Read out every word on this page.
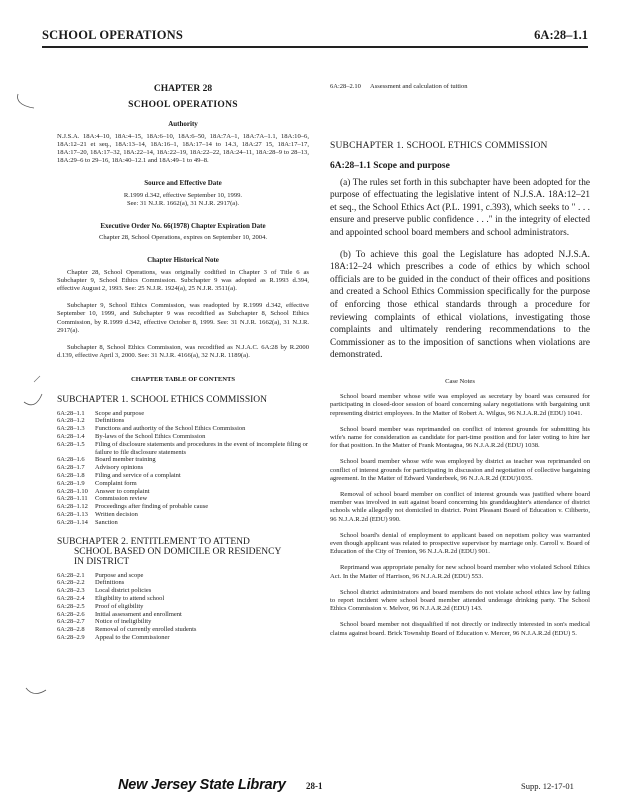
SCHOOL OPERATIONS	6A:28–1.1
CHAPTER 28
SCHOOL OPERATIONS
Authority
N.J.S.A. 18A:4–10, 18A:4–15, 18A:6–10, 18A:6–50, 18A:7A–1, 18A:7A–1.1, 18A:10–6, 18A:12–21 et seq., 18A:13–14, 18A:16–1, 18A:17–14 to 14.3, 18A:27 15, 18A:17–17, 18A:17–20, 18A:17–32, 18A:22–14, 18A:22–19, 18A:22–22, 18A:24–11, 18A:28–9 to 28–13, 18A:29–6 to 29–16, 18A:40–12.1 and 18A:49–1 to 49–8.
Source and Effective Date
R.1999 d.342, effective September 10, 1999.
See: 31 N.J.R. 1662(a), 31 N.J.R. 2917(a).
Executive Order No. 66(1978) Chapter Expiration Date
Chapter 28, School Operations, expires on September 10, 2004.
Chapter Historical Note
Chapter 28, School Operations, was originally codified in Chapter 3 of Title 6 as Subchapter 9, School Ethics Commission. Subchapter 9 was adopted as R.1993 d.394, effective August 2, 1993. See: 25 N.J.R. 1924(a), 25 N.J.R. 3511(a).
Subchapter 9, School Ethics Commission, was readopted by R.1999 d.342, effective September 10, 1999, and Subchapter 9 was recodified as Subchapter 8, School Ethics Commission, by R.1999 d.342, effective October 8, 1999. See: 31 N.J.R. 1662(a), 31 N.J.R. 2917(a).
Subchapter 8, School Ethics Commission, was recodified as N.J.A.C. 6A:28 by R.2000 d.139, effective April 3, 2000. See: 31 N.J.R. 4166(a), 32 N.J.R. 1189(a).
CHAPTER TABLE OF CONTENTS
SUBCHAPTER 1. SCHOOL ETHICS COMMISSION
6A:28–1.1	Scope and purpose
6A:28–1.2	Definitions
6A:28–1.3	Functions and authority of the School Ethics Commission
6A:28–1.4	By-laws of the School Ethics Commission
6A:28–1.5	Filing of disclosure statements and procedures in the event of incomplete filing or failure to file disclosure statements
6A:28–1.6	Board member training
6A:28–1.7	Advisory opinions
6A:28–1.8	Filing and service of a complaint
6A:28–1.9	Complaint form
6A:28–1.10	Answer to complaint
6A:28–1.11	Commission review
6A:28–1.12	Proceedings after finding of probable cause
6A:28–1.13	Written decision
6A:28–1.14	Sanction
SUBCHAPTER 2. ENTITLEMENT TO ATTEND
SCHOOL BASED ON DOMICILE OR RESIDENCY
IN DISTRICT
6A:28–2.1	Purpose and scope
6A:28–2.2	Definitions
6A:28–2.3	Local district policies
6A:28–2.4	Eligibility to attend school
6A:28–2.5	Proof of eligibility
6A:28–2.6	Initial assessment and enrollment
6A:28–2.7	Notice of ineligibility
6A:28–2.8	Removal of currently enrolled students
6A:28–2.9	Appeal to the Commissioner
6A:28–2.10	Assessment and calculation of tuition
SUBCHAPTER 1. SCHOOL ETHICS COMMISSION
6A:28–1.1 Scope and purpose
(a) The rules set forth in this subchapter have been adopted for the purpose of effectuating the legislative intent of N.J.S.A. 18A:12–21 et seq., the School Ethics Act (P.L. 1991, c.393), which seeks to " . . . ensure and preserve public confidence . . ." in the integrity of elected and appointed school board members and school administrators.
(b) To achieve this goal the Legislature has adopted N.J.S.A. 18A:12–24 which prescribes a code of ethics by which school officials are to be guided in the conduct of their offices and positions and created a School Ethics Commission specifically for the purpose of enforcing those ethical standards through a procedure for reviewing complaints of ethical violations, investigating those complaints and ultimately rendering recommendations to the Commissioner as to the imposition of sanctions when violations are demonstrated.
Case Notes
School board member whose wife was employed as secretary by board was censured for participating in closed-door session of board concerning salary negotiations with bargaining unit representing district employees. In the Matter of Robert A. Wilgus, 96 N.J.A.R.2d (EDU) 1041.
School board member was reprimanded on conflict of interest grounds for submitting his wife's name for consideration as candidate for part-time position and for later voting to hire her for that position. In the Matter of Frank Montagna, 96 N.J.A.R.2d (EDU) 1038.
School board member whose wife was employed by district as teacher was reprimanded on conflict of interest grounds for participating in discussion and negotiation of collective bargaining agreement. In the Matter of Edward Vanderbeek, 96 N.J.A.R.2d (EDU)1035.
Removal of school board member on conflict of interest grounds was justified where board member was involved in suit against board concerning his granddaughter's attendance of district schools while allegedly not domiciled in district. Point Pleasant Board of Education v. Ciliberto, 96 N.J.A.R.2d (EDU) 990.
School board's denial of employment to applicant based on nepotism policy was warranted even though applicant was related to prospective supervisor by marriage only. Carroll v. Board of Education of the City of Trenton, 96 N.J.A.R.2d (EDU) 901.
Reprimand was appropriate penalty for new school board member who violated School Ethics Act. In the Matter of Harrison, 96 N.J.A.R.2d (EDU) 553.
School district administrators and board members do not violate school ethics law by failing to report incident where school board member attended underage drinking party. The School Ethics Commission v. Melvor, 96 N.J.A.R.2d (EDU) 143.
School board member not disqualified if not directly or indirectly interested in son's medical claims against board. Brick Township Board of Education v. Mercer, 96 N.J.A.R.2d (EDU) 5.
New Jersey State Library 28-1	Supp. 12-17-01
